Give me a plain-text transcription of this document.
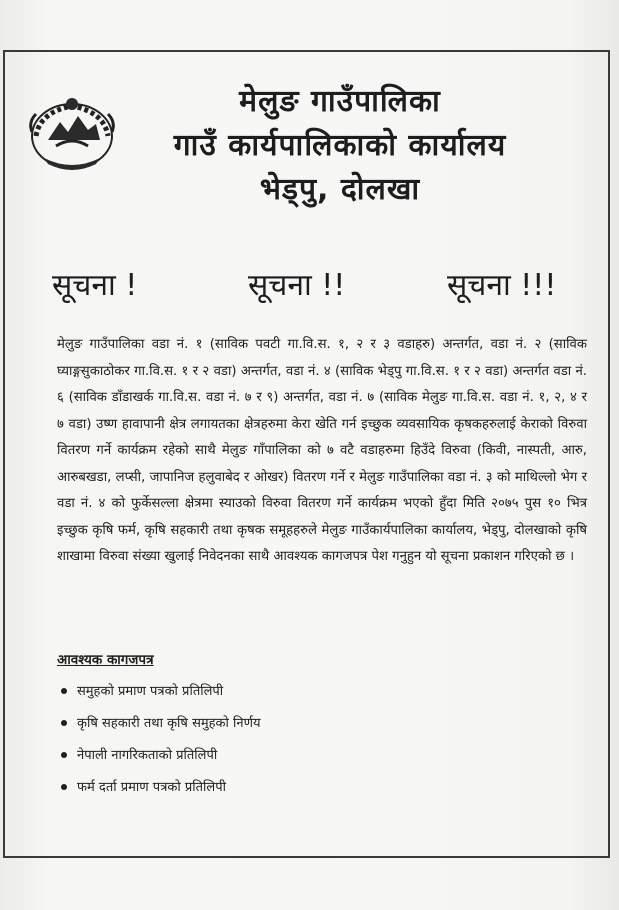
मेलुङ गाउँपालिका
गाउँ कार्यपालिकाको कार्यालय
भेड्पु, दोलखा
सूचना !	सूचना !!	सूचना !!!
मेलुङ गाउँपालिका वडा नं. १ (साविक पवटी गा.वि.स. १, २ र ३ वडाहरु) अन्तर्गत, वडा नं. २ (साविक घ्याङ्गसुकाठोकर गा.वि.स. १ र २ वडा) अन्तर्गत, वडा नं. ४ (साविक भेड्पु गा.वि.स. १ र २ वडा) अन्तर्गत वडा नं. ६ (साविक डाँडाखर्क गा.वि.स. वडा नं. ७ र ९) अन्तर्गत, वडा नं. ७ (साविक मेलुङ गा.वि.स. वडा नं. १, २, ४ र ७ वडा) उष्ण हावापानी क्षेत्र लगायतका क्षेत्रहरुमा केरा खेति गर्न इच्छुक व्यवसायिक कृषकहरुलाई केराको विरुवा वितरण गर्ने कार्यक्रम रहेको साथै मेलुङ गाँपालिका को ७ वटै वडाहरुमा हिउँदे विरुवा (किवी, नास्पती, आरु, आरुबखडा, लप्सी, जापानिज हलुवाबेद र ओखर) वितरण गर्ने र मेलुङ गाउँपालिका वडा नं. ३ को माथिल्लो भेग र वडा नं. ४ को फुर्केसल्ला क्षेत्रमा स्याउको विरुवा वितरण गर्ने कार्यक्रम भएको हुँदा मिति २०७५ पुस १० भित्र इच्छुक कृषि फर्म, कृषि सहकारी तथा कृषक समूहहरुले मेलुङ गाउँकार्यपालिका कार्यालय, भेड्पु, दोलखाको कृषि शाखामा विरुवा संख्या खुलाई निवेदनका साथै आवश्यक कागजपत्र पेश गनुहुन यो सूचना प्रकाशन गरिएको छ ।
आवश्यक कागजपत्र
समुहको प्रमाण पत्रको प्रतिलिपी
कृषि सहकारी तथा कृषि समुहको निर्णय
नेपाली नागरिकताको प्रतिलिपी
फर्म दर्ता प्रमाण पत्रको प्रतिलिपी
